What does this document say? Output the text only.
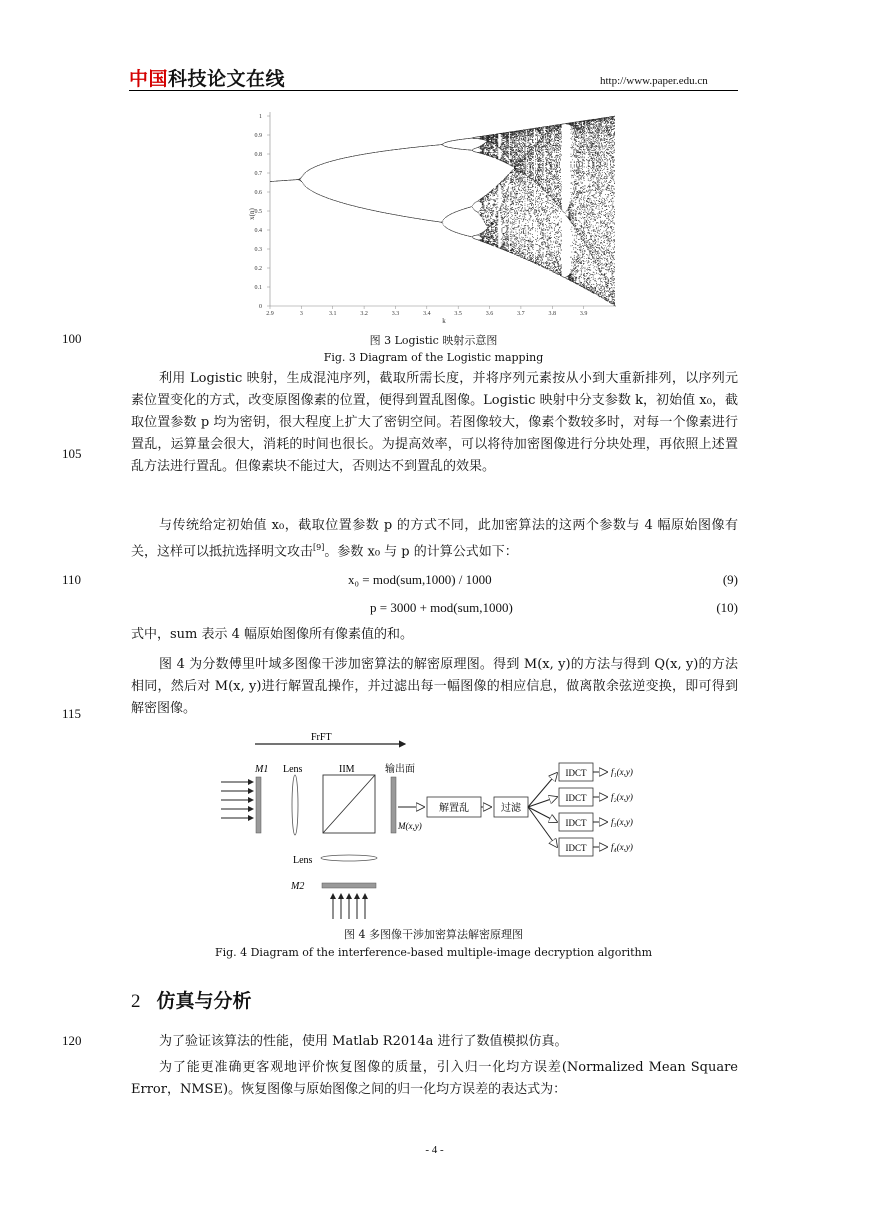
中国科技论文在线	http://www.paper.edu.cn
0
0.1
0.2
0.3
0.4
0.5
0.6
0.7
0.8
0.9
1
2.9	3	3.1	3.2	3.3	3.4	3.5	3.6	3.7	3.8	3.9
x(n)
k
100	图 3 Logistic 映射示意图
Fig. 3 Diagram of the Logistic mapping

利用 Logistic 映射，生成混沌序列，截取所需长度，并将序列元素按从小到大重新排列，以序列元素位置变化的方式，改变原图像素的位置，便得到置乱图像。Logistic 映射中分支参数 k，初始值 x₀，截取位置参数 p 均为密钥，很大程度上扩大了密钥空间。若图像较大，像素个数较多时，对每一个像素进行置乱，运算量会很大，消耗的时间也很长。为提高效率，可以将待加密图像进行分块处理，再依照上述置乱方法进行置乱。但像素块不能过大，否则达不到置乱的效果。

105

与传统给定初始值 x₀，截取位置参数 p 的方式不同，此加密算法的这两个参数与 4 幅原始图像有关，这样可以抵抗选择明文攻击[9]。参数 x₀ 与 p 的计算公式如下：

110	x₀ = mod(sum,1000) / 1000	(9)
p = 3000 + mod(sum,1000)	(10)

式中，sum 表示 4 幅原始图像所有像素值的和。

图 4 为分数傅里叶域多图像干涉加密算法的解密原理图。得到 M(x, y)的方法与得到 Q(x, y)的方法相同，然后对 M(x, y)进行解置乱操作，并过滤出每一幅图像的相应信息，做离散余弦逆变换，即可得到解密图像。

115
FrFT
M1 Lens	IIM	输出面
M(x,y)
解置乱	过滤
IDCT
IDCT
IDCT
IDCT
f₁(x,y)
f₂(x,y)
f₃(x,y)
f₄(x,y)
Lens
M2
图 4 多图像干涉加密算法解密原理图
Fig. 4 Diagram of the interference-based multiple-image decryption algorithm
2 仿真与分析
120	为了验证该算法的性能，使用 Matlab R2014a 进行了数值模拟仿真。

为了能更准确更客观地评价恢复图像的质量，引入归一化均方误差(Normalized Mean Square Error，NMSE)。恢复图像与原始图像之间的归一化均方误差的表达式为：

- 4 -
